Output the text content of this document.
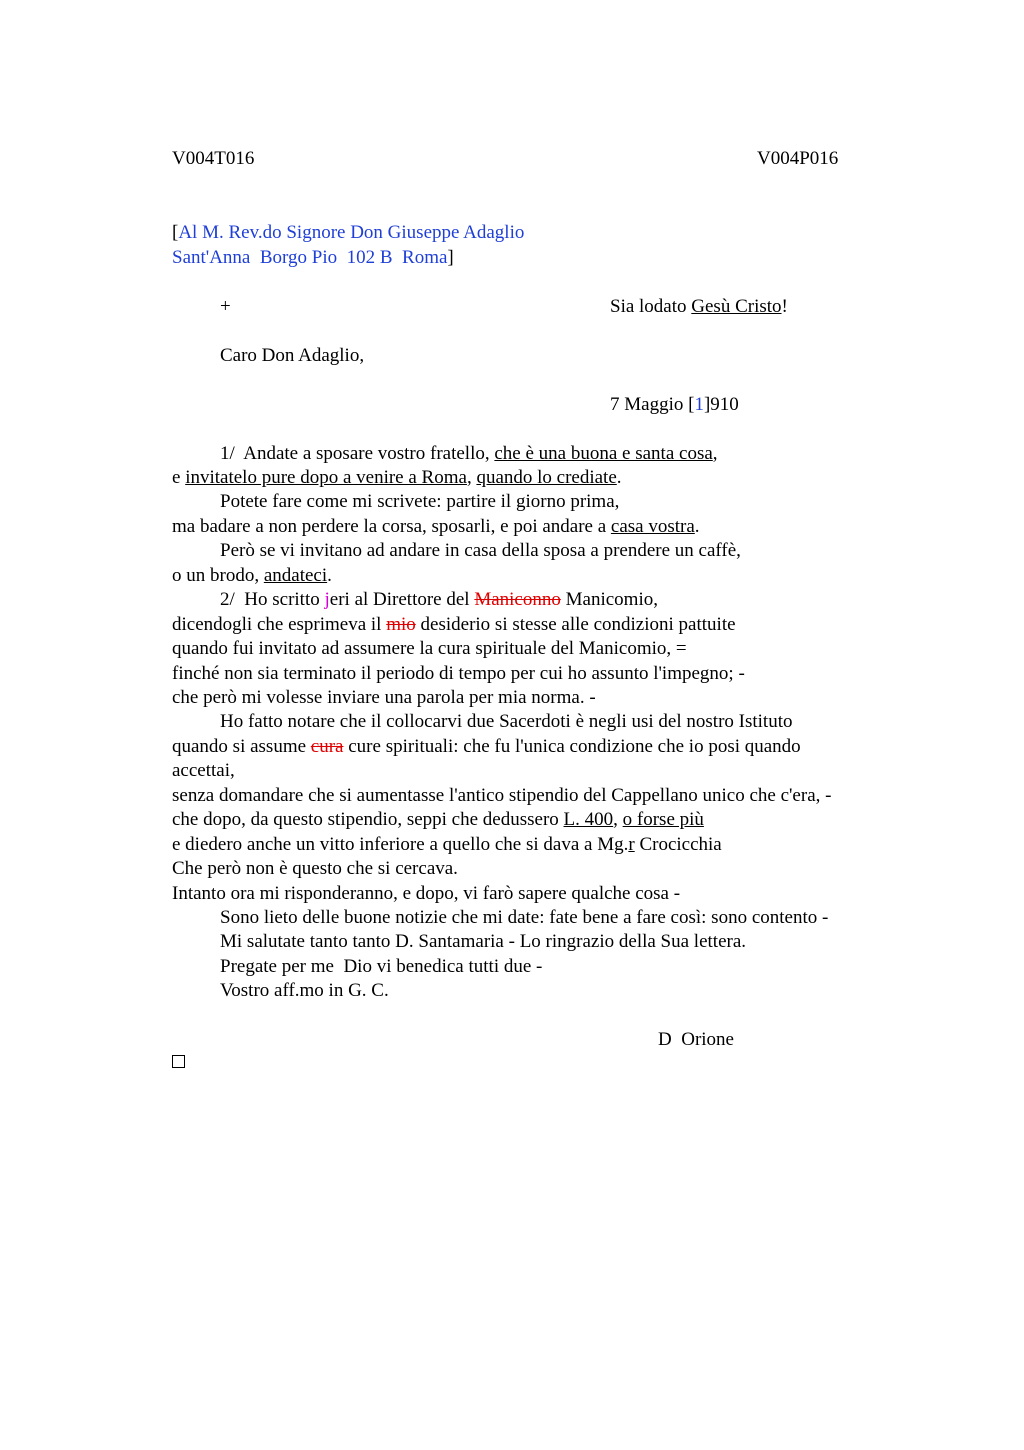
V004T016	V004P016
[Al M. Rev.do Signore Don Giuseppe Adaglio
Sant'Anna  Borgo Pio  102 B  Roma]
+	Sia lodato Gesù Cristo!
Caro Don Adaglio,
7 Maggio [1]910
1/  Andate a sposare vostro fratello, che è una buona e santa cosa,
e invitatelo pure dopo a venire a Roma, quando lo crediate.
Potete fare come mi scrivete: partire il giorno prima,
ma badare a non perdere la corsa, sposarli, e poi andare a casa vostra.
Però se vi invitano ad andare in casa della sposa a prendere un caffè,
o un brodo, andateci.
2/  Ho scritto jeri al Direttore del Maniconno Manicomio,
dicendogli che esprimeva il mio desiderio si stesse alle condizioni pattuite
quando fui invitato ad assumere la cura spirituale del Manicomio, =
finché non sia terminato il periodo di tempo per cui ho assunto l'impegno; -
che però mi volesse inviare una parola per mia norma. -
Ho fatto notare che il collocarvi due Sacerdoti è negli usi del nostro Istituto
quando si assume cura cure spirituali: che fu l'unica condizione che io posi quando
accettai,
senza domandare che si aumentasse l'antico stipendio del Cappellano unico che c'era, -
che dopo, da questo stipendio, seppi che dedussero L. 400, o forse più
e diedero anche un vitto inferiore a quello che si dava a Mg.r Crocicchia
Che però non è questo che si cercava.
Intanto ora mi risponderanno, e dopo, vi farò sapere qualche cosa -
Sono lieto delle buone notizie che mi date: fate bene a fare così: sono contento -
Mi salutate tanto tanto D. Santamaria - Lo ringrazio della Sua lettera.
Pregate per me  Dio vi benedica tutti due -
Vostro aff.mo in G. C.
D  Orione
